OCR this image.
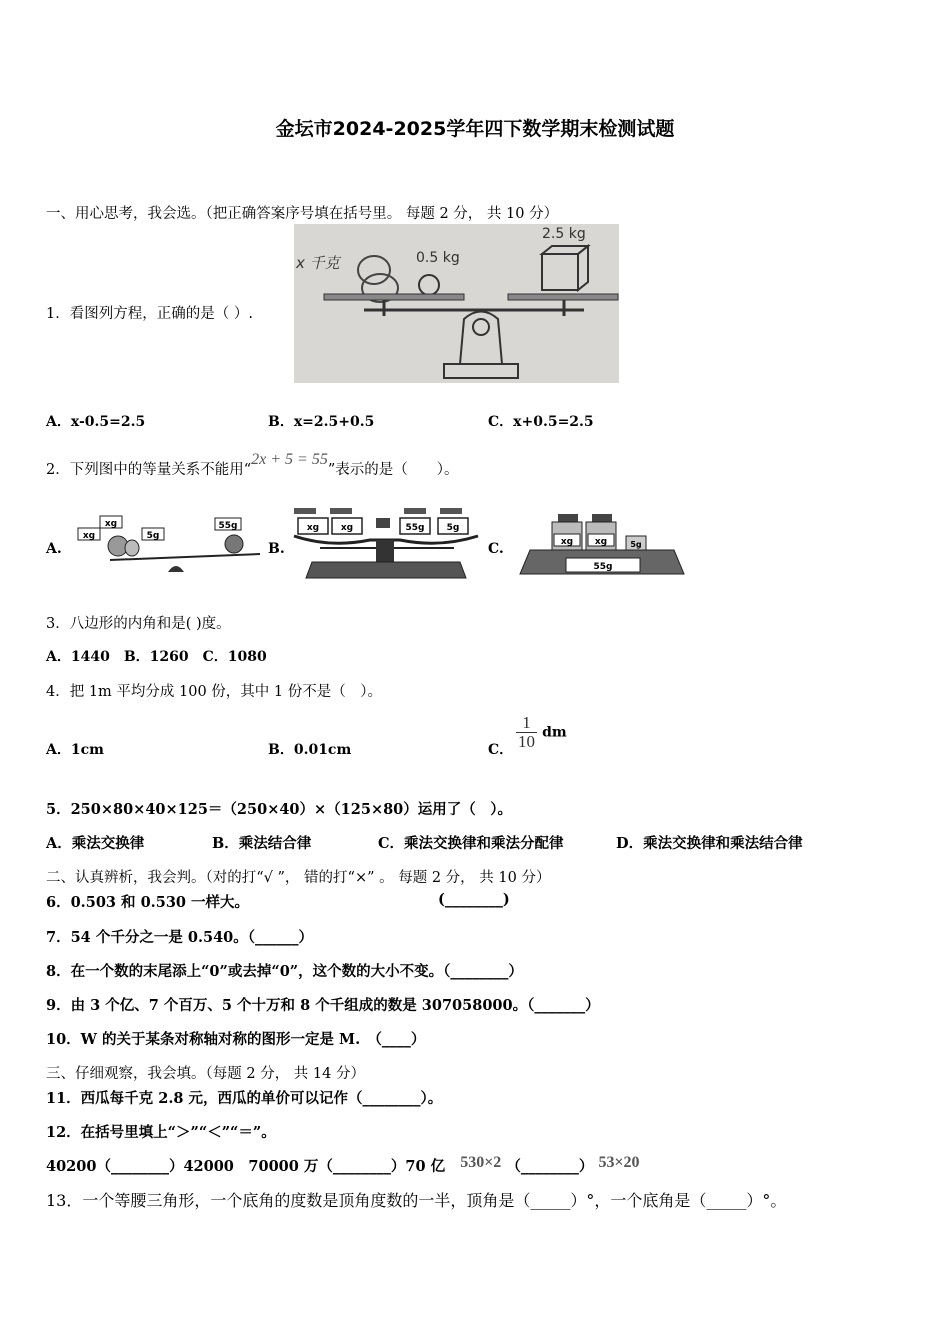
金坛市2024-2025学年四下数学期末检测试题
一、用心思考，我会选。（把正确答案序号填在括号里。 每题 2 分， 共 10 分）
1．看图列方程，正确的是（ ）.
x 千克	0.5 kg
2.5 kg
A．x-0.5=2.5	B．x=2.5+0.5	C．x+0.5=2.5
2．下列图中的等量关系不能用“2x + 5 = 55”表示的是（　　）。
A.
xg
xg
5g
55g
B.
xg xg	55g 5g
C.	xg xg	5g
55g
3．八边形的内角和是( )度。
A．1440　B．1260　C．1080
4．把 1m 平均分成 100 份，其中 1 份不是（　）。
A．1cm	B．0.01cm	C． $\frac{1}{10}$ dm
5．250×80×40×125＝（250×40）×（125×80）运用了（　）。
A．乘法交换律	B．乘法结合律	C．乘法交换律和乘法分配律	D．乘法交换律和乘法结合律
二、认真辨析，我会判。（对的打“√ ”， 错的打“×” 。 每题 2 分， 共 10 分）
6．0.503 和 0.530 一样大。	(________)
7．54 个千分之一是 0.540。（______）
8．在一个数的末尾添上“0”或去掉“0”，这个数的大小不变。（________）
9．由 3 个亿、7 个百万、5 个十万和 8 个千组成的数是 307058000。（_______）
10．W 的关于某条对称轴对称的图形一定是 M.　（____）
三、仔细观察，我会填。（每题 2 分， 共 14 分）
11．西瓜每千克 2.8 元，西瓜的单价可以记作（________）。
12．在括号里填上“＞”“＜”“＝”。
40200（________）42000　70000 万（________）70 亿 530×2 （________） 53×20
13．一个等腰三角形，一个底角的度数是顶角度数的一半，顶角是（_____）°，一个底角是（_____）°。
